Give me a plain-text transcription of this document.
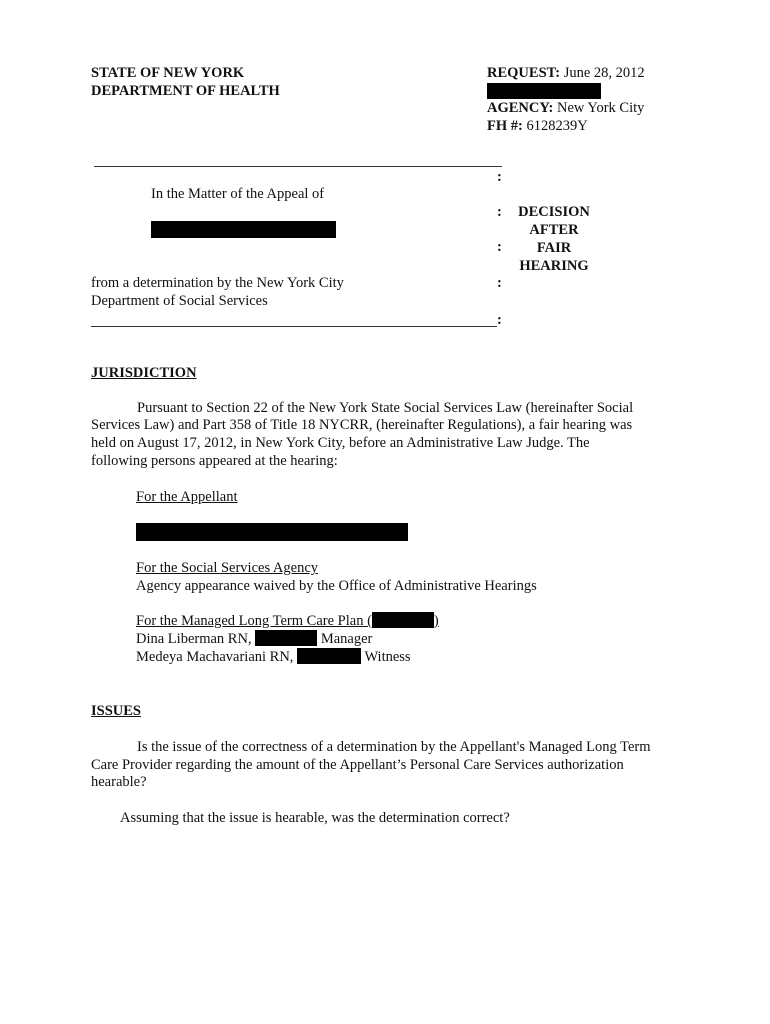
STATE OF NEW YORK
DEPARTMENT OF HEALTH
REQUEST: June 28, 2012
AGENCY: New York City
FH #: 6128239Y
:
In the Matter of the Appeal of
:
:
:
DECISION
AFTER
FAIR
HEARING
from a determination by the New York City
Department of Social Services
:
JURISDICTION
Pursuant to Section 22 of the New York State Social Services Law (hereinafter Social
Services Law) and Part 358 of Title 18 NYCRR, (hereinafter Regulations), a fair hearing was
held on August 17, 2012, in New York City, before an Administrative Law Judge. The
following persons appeared at the hearing:
For the Appellant
For the Social Services Agency
Agency appearance waived by the Office of Administrative Hearings
For the Managed Long Term Care Plan (	)
Dina Liberman RN,	Manager
Medeya Machavariani RN,	Witness
ISSUES
Is the issue of the correctness of a determination by the Appellant's Managed Long Term
Care Provider regarding the amount of the Appellant’s Personal Care Services authorization
hearable?
Assuming that the issue is hearable, was the determination correct?
